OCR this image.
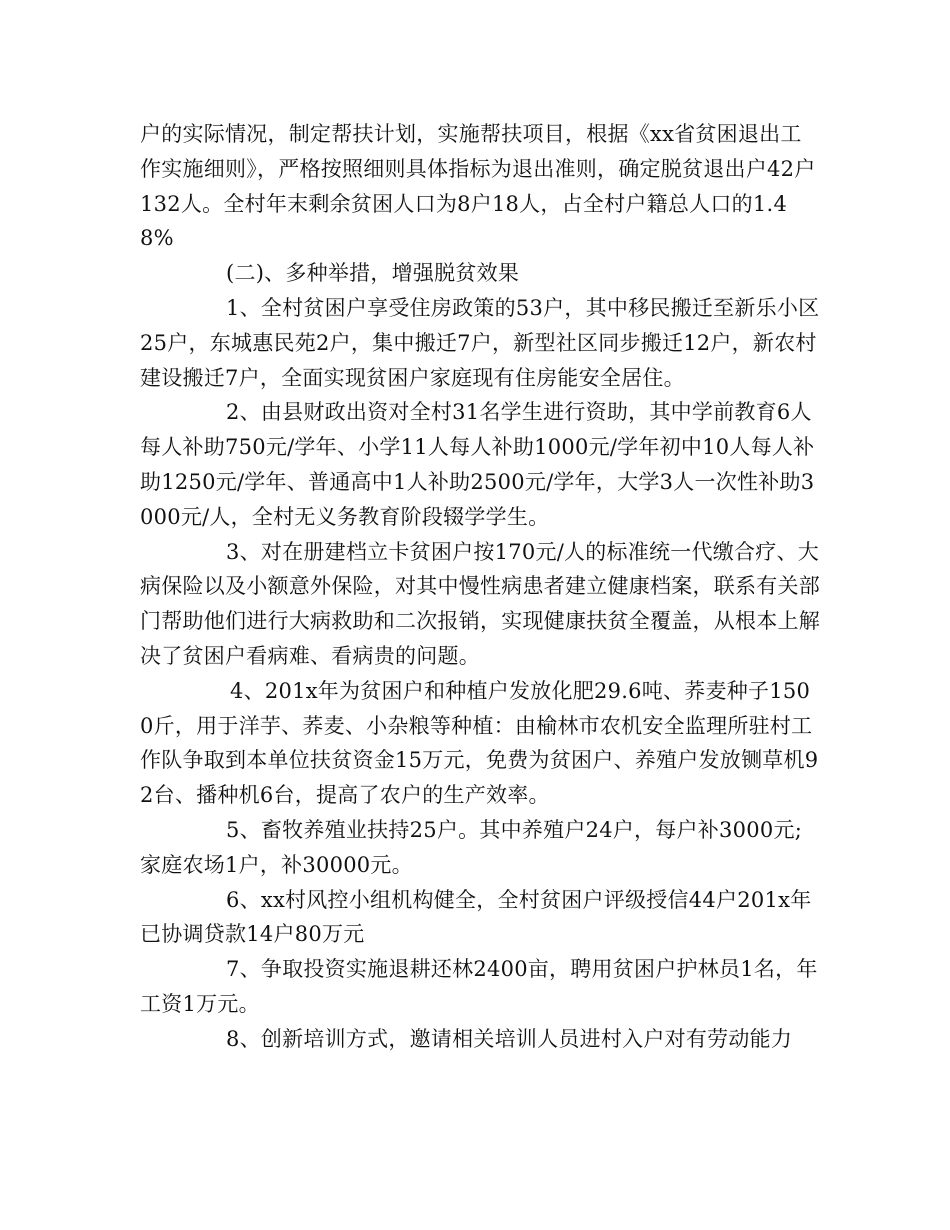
户的实际情况，制定帮扶计划，实施帮扶项目，根据《xx省贫困退出工作实施细则》，严格按照细则具体指标为退出准则，确定脱贫退出户42户132人。全村年末剩余贫困人口为8户18人，占全村户籍总人口的1.48%

(二)、多种举措，增强脱贫效果

1、全村贫困户享受住房政策的53户，其中移民搬迁至新乐小区25户，东城惠民苑2户，集中搬迁7户，新型社区同步搬迁12户，新农村建设搬迁7户，全面实现贫困户家庭现有住房能安全居住。

2、由县财政出资对全村31名学生进行资助，其中学前教育6人每人补助750元/学年、小学11人每人补助1000元/学年初中10人每人补助1250元/学年、普通高中1人补助2500元/学年，大学3人一次性补助3000元/人，全村无义务教育阶段辍学学生。

3、对在册建档立卡贫困户按170元/人的标准统一代缴合疗、大病保险以及小额意外保险，对其中慢性病患者建立健康档案，联系有关部门帮助他们进行大病救助和二次报销，实现健康扶贫全覆盖，从根本上解决了贫困户看病难、看病贵的问题。

4、201x年为贫困户和种植户发放化肥29.6吨、荞麦种子1500斤，用于洋芋、荞麦、小杂粮等种植：由榆林市农机安全监理所驻村工作队争取到本单位扶贫资金15万元，免费为贫困户、养殖户发放铡草机92台、播种机6台，提高了农户的生产效率。

5、畜牧养殖业扶持25户。其中养殖户24户，每户补3000元;家庭农场1户，补30000元。

6、xx村风控小组机构健全，全村贫困户评级授信44户201x年已协调贷款14户80万元

7、争取投资实施退耕还林2400亩，聘用贫困户护林员1名，年工资1万元。

8、创新培训方式，邀请相关培训人员进村入户对有劳动能力
